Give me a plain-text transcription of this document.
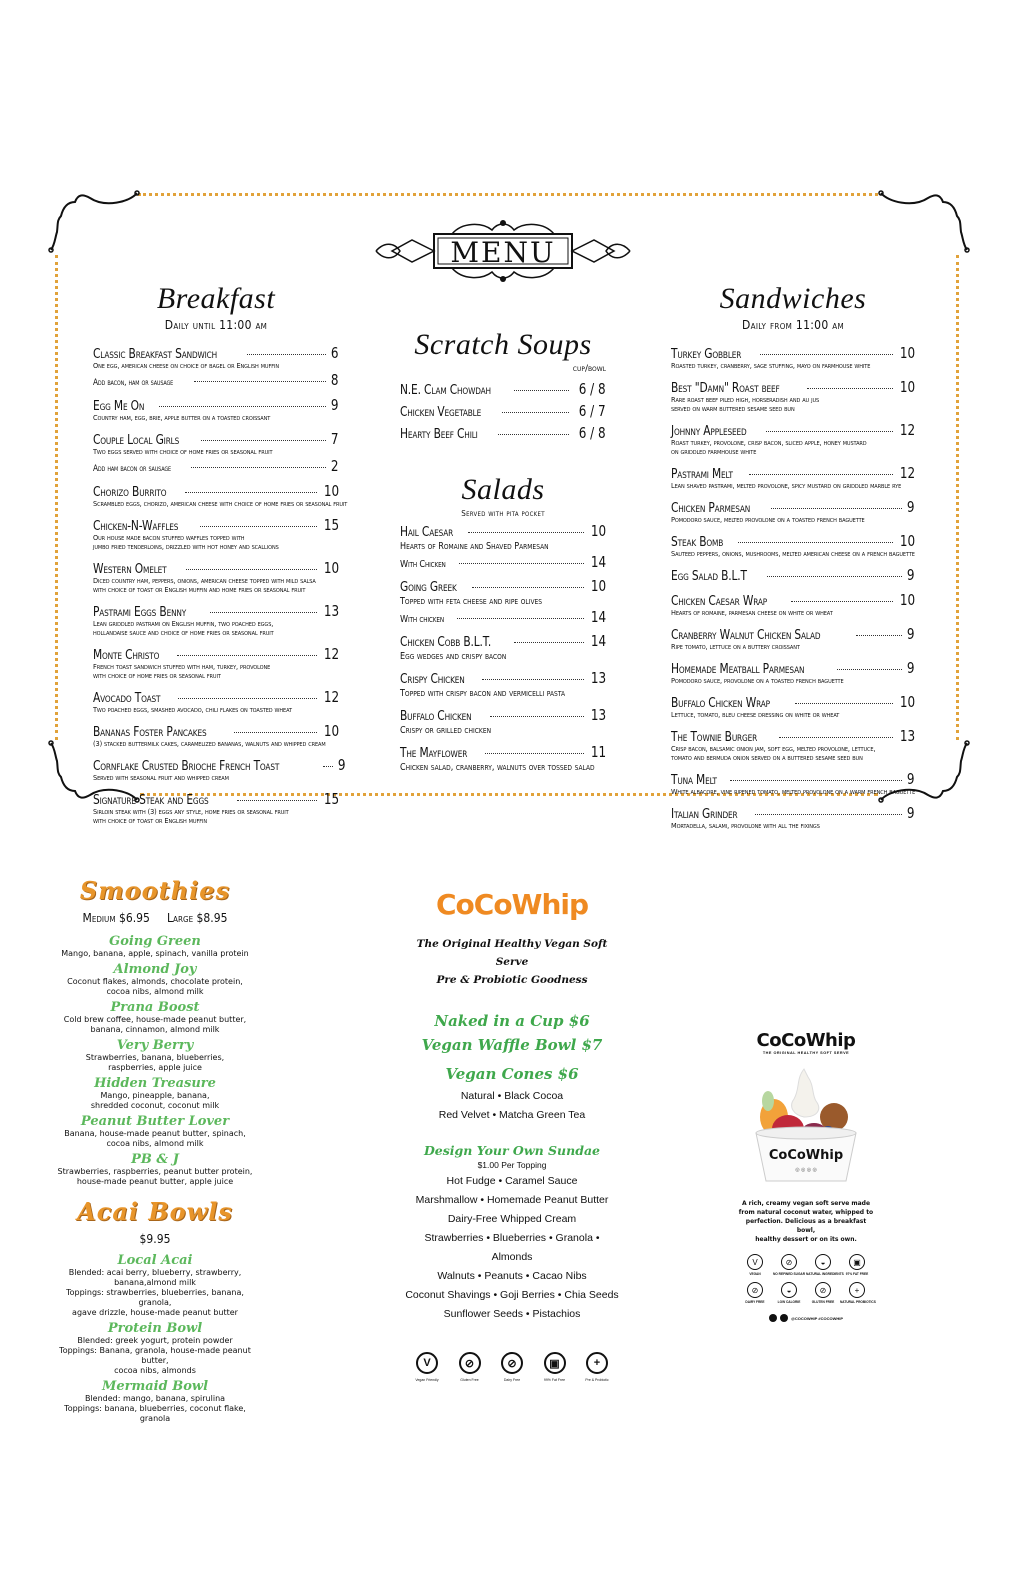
MENU
Breakfast
Daily until 11:00 am
Classic Breakfast Sandwich	6
One egg, american cheese on choice of bagel or English muffin
Add bacon, ham or sausage	8
Egg Me On	9
Country ham, egg, brie, apple butter on a toasted croissant
Couple Local Girls	7
Two eggs served with choice of home fries or seasonal fruit
Add ham bacon or sausage	2
Chorizo Burrito	10
Scrambled eggs, chorizo, american cheese with choice of home fries or seasonal fruit
Chicken-N-Waffles	15
Our house made bacon stuffed waffles topped with
jumbo fried tenderloins, drizzled with hot honey and scallions
Western Omelet	10
Diced country ham, peppers, onions, american cheese topped with mild salsa
with choice of toast or English muffin and home fries or seasonal fruit
Pastrami Eggs Benny	13
Lean griddled pastrami on English muffin, two poached eggs,
hollandaise sauce and choice of home fries or seasonal fruit
Monte Christo	12
French toast sandwich stuffed with ham, turkey, provolone
with choice of home fries or seasonal fruit
Avocado Toast	12
Two poached eggs, smashed avocado, chili flakes on toasted wheat
Bananas Foster Pancakes	10
(3) stacked buttermilk cakes, caramelized bananas, walnuts and whipped cream
Cornflake Crusted Brioche French Toast	9
Served with seasonal fruit and whipped cream
Signature Steak and Eggs	15
Sirloin steak with (3) eggs any style, home fries or seasonal fruit
with choice of toast or English muffin
Scratch Soups
cup/bowl
N.E. Clam Chowdah	6 / 8
Chicken Vegetable	6 / 7
Hearty Beef Chili	6 / 8
Salads
Served with pita pocket
Hail Caesar	10
Hearts of Romaine and Shaved Parmesan
With Chicken	14
Going Greek	10
Topped with feta cheese and ripe olives
With chicken	14
Chicken Cobb B.L.T.	14
Egg wedges and crispy bacon
Crispy Chicken	13
Topped with crispy bacon and vermicelli pasta
Buffalo Chicken	13
Crispy or grilled chicken
The Mayflower	11
Chicken salad, cranberry, walnuts over tossed salad
Sandwiches
Daily from 11:00 am
Turkey Gobbler	10
Roasted turkey, cranberry, sage stuffing, mayo on farmhouse white
Best "Damn" Roast beef	10
Rare roast beef piled high, horseradish and au jus
served on warm buttered sesame seed bun
Johnny Appleseed	12
Roast turkey, provolone, crisp bacon, sliced apple, honey mustard
on griddled farmhouse white
Pastrami Melt	12
Lean shaved pastrami, melted provolone, spicy mustard on griddled marble rye
Chicken Parmesan	9
Pomodoro sauce, melted provolone on a toasted french baguette
Steak Bomb	10
Sauteed peppers, onions, mushrooms, melted american cheese on a french baguette
Egg Salad B.L.T	9
Chicken Caesar Wrap	10
Hearts of romaine, parmesan cheese on white or wheat
Cranberry Walnut Chicken Salad	9
Ripe tomato, lettuce on a buttery croissant
Homemade Meatball Parmesan	9
Pomodoro sauce, provolone on a toasted french baguette
Buffalo Chicken Wrap	10
Lettuce, tomato, bleu cheese dressing on white or wheat
The Townie Burger	13
Crisp bacon, balsamic onion jam, soft egg, melted provolone, lettuce,
tomato and bermuda onion served on a buttered sesame seed bun
Tuna Melt	9
White albacore, vine ripened tomato, melted provolone on a warm french baguette
Italian Grinder	9
Mortadella, salami, provolone with all the fixings
Smoothies
Medium $6.95     Large $8.95
Going Green
Mango, banana, apple, spinach, vanilla protein
Almond Joy
Coconut flakes, almonds, chocolate protein,
cocoa nibs, almond milk
Prana Boost
Cold brew coffee, house-made peanut butter,
banana, cinnamon, almond milk
Very Berry
Strawberries, banana, blueberries,
raspberries, apple juice
Hidden Treasure
Mango, pineapple, banana,
shredded coconut, coconut milk
Peanut Butter Lover
Banana, house-made peanut butter, spinach,
cocoa nibs, almond milk
PB & J
Strawberries, raspberries, peanut butter protein,
house-made peanut butter, apple juice
Acai Bowls
$9.95
Local Acai
Blended: acai berry, blueberry, strawberry,
banana,almond milk
Toppings: strawberries, blueberries, banana, granola,
agave drizzle, house-made peanut butter
Protein Bowl
Blended: greek yogurt, protein powder
Toppings: Banana, granola, house-made peanut butter,
cocoa nibs, almonds
Mermaid Bowl
Blended: mango, banana, spirulina
Toppings: banana, blueberries, coconut flake, granola
CoCoWhip
The Original Healthy Vegan Soft Serve
Pre & Probiotic Goodness
Naked in a Cup $6
Vegan Waffle Bowl $7
Vegan Cones $6
Natural • Black Cocoa
Red Velvet • Matcha Green Tea
Design Your Own Sundae
$1.00 Per Topping
Hot Fudge • Caramel Sauce
Marshmallow • Homemade Peanut Butter
Dairy-Free Whipped Cream
Strawberries • Blueberries • Granola • Almonds
Walnuts • Peanuts • Cacao Nibs
Coconut Shavings • Goji Berries • Chia Seeds
Sunflower Seeds • Pistachios
V
Vegan Friendly
⊘
Gluten Free
⊘
Dairy Free
▣
99% Fat Free
+
Pre & Probiotic
CoCoWhip
THE ORIGINAL HEALTHY SOFT SERVE
CoCoWhip
◎ ◎ ◎ ◎
A rich, creamy vegan soft serve made
from natural coconut water, whipped to
perfection. Delicious as a breakfast bowl,
healthy dessert or on its own.
V
VEGAN
⊘
NO REFINED SUGAR
◒
NATURAL INGREDIENTS
▣
97% FAT FREE
⊘
DAIRY FREE
◒
LOW CALORIE
⊘
GLUTEN FREE
+
NATURAL PROBIOTICS
@COCOWHIP #COCOWHIP
